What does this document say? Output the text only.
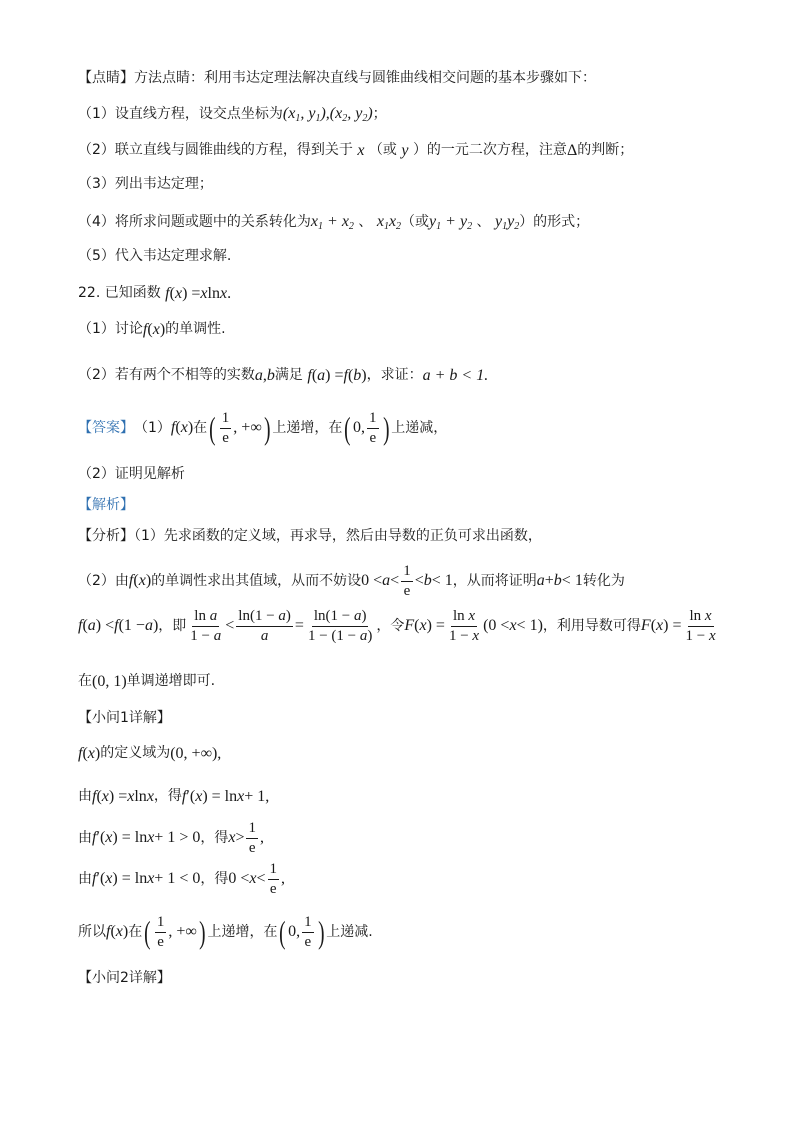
【点睛】方法点睛：利用韦达定理法解决直线与圆锥曲线相交问题的基本步骤如下：
（1）设直线方程，设交点坐标为 ($x_1$, $y_1),(x_2$, $y_2$) ；
（2）联立直线与圆锥曲线的方程，得到关于
x
（或
y
）的一元二次方程，注意 Δ 的判断；
（3）列出韦达定理；
（4）将所求问题或题中的关系转化为 $x_1 + x_2$ 、 $x_1x_2$ （或 $y_1 + y_2$ 、 $y_1y_2$ ）的形式；
（5）代入韦达定理求解.
22. 已知函数
f ( x ) = x ln x .
（1）讨论 f ( x ) 的单调性.
（2）若有两个不相等的实数 a , b 满足
f ( a ) = f ( b ) ，求证： a + b < 1.
【答案】 （1） f ( x ) 在 ( $\frac{1}{e}$ , +∞ ) 上递增，在 ( 0, $\frac{1}{e}$ ) 上递减，
（2）证明见解析
【解析】
【分析】（1）先求函数的定义域，再求导，然后由导数的正负可求出函数，
（2）由 f ( x ) 的单调性求出其值域，从而不妨设 $0 < a < \frac{1}{e} < b < 1$ ，从而将证明 a + b < 1 转化为
f ( a ) < f (1 − a ) ，即 $\frac{\text{ln a}}{1 - a} < \frac{\ln(1 - a)}{a} = \frac{\ln(1 - a)}{1 - (1 - a)}$ ，令 F ( x ) = $\frac{\text{ln x}}{1 - x} (0 < x < 1)$ ，利用导数可得 F ( x ) = $\frac{\text{ln x}}{1 - x}$
在 (0, 1) 单调递增即可.
【小问1详解】
f ( x ) 的定义域为 (0, +∞),
由 f ( x ) = x ln x ，得 f ′( x ) = ln x + 1,
由 f ′( x ) = ln x + 1 > 0 ，得 $x > \frac{1}{e}$ ,
由 f ′( x ) = ln x + 1 < 0 ，得 $0 < x < \frac{1}{e}$ ,
所以 f ( x ) 在 ( $\frac{1}{e}$ , +∞ ) 上递增，在 ( 0, $\frac{1}{e}$ ) 上递减.
【小问2详解】
